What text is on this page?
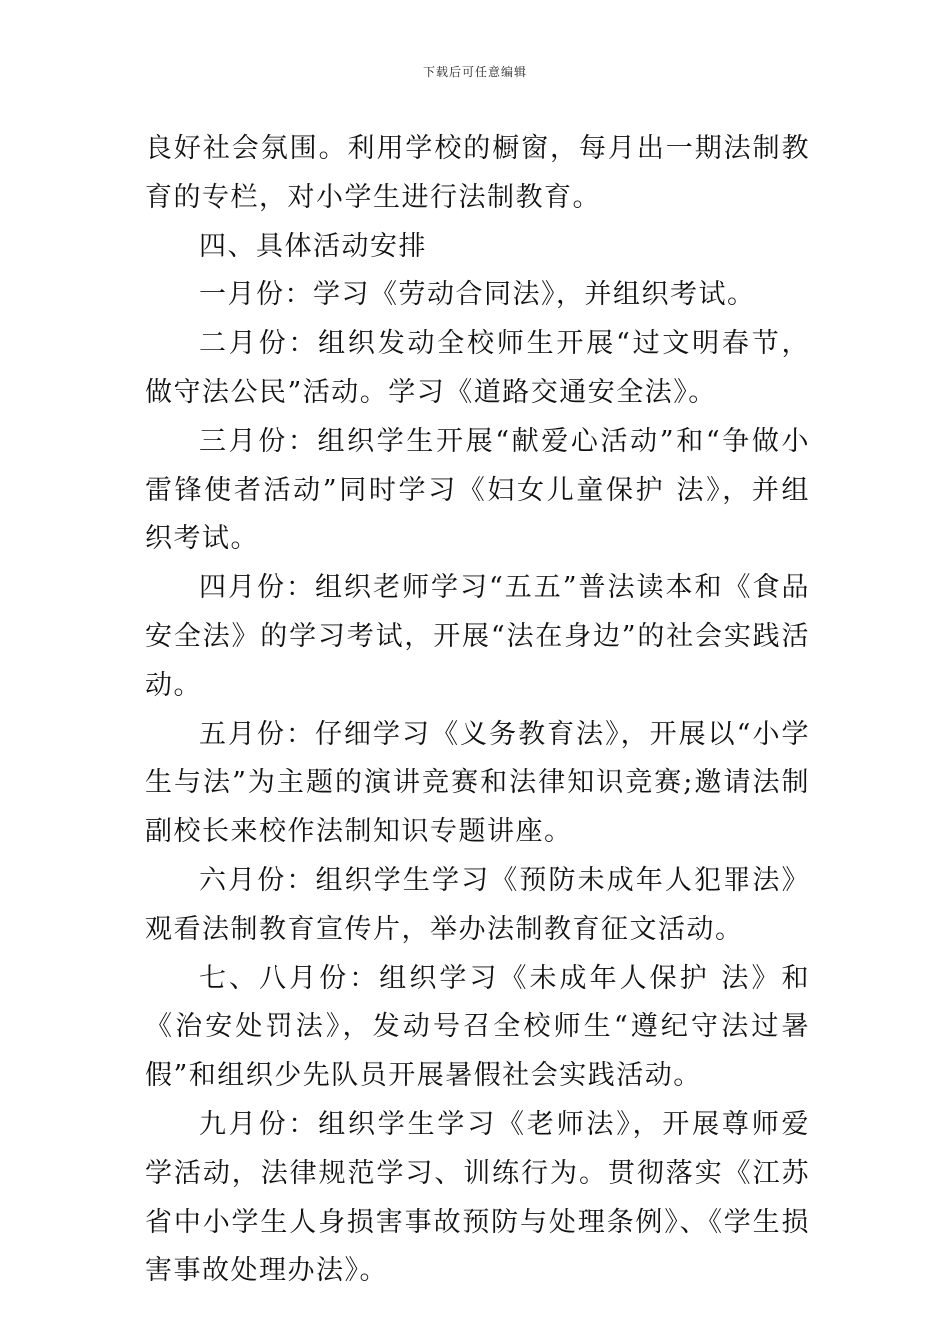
下载后可任意编辑

良好社会氛围。利用学校的橱窗，每月出一期法制教育的专栏，对小学生进行法制教育。

四、具体活动安排

一月份：学习《劳动合同法》，并组织考试。

二月份：组织发动全校师生开展“过文明春节，做守法公民”活动。学习《道路交通安全法》。

三月份：组织学生开展“献爱心活动”和“争做小雷锋使者活动”同时学习《妇女儿童保护 法》，并组织考试。

四月份：组织老师学习“五五”普法读本和《食品安全法》的学习考试，开展“法在身边”的社会实践活动。

五月份：仔细学习《义务教育法》，开展以“小学生与法”为主题的演讲竞赛和法律知识竞赛;邀请法制副校长来校作法制知识专题讲座。

六月份：组织学生学习《预防未成年人犯罪法》观看法制教育宣传片，举办法制教育征文活动。

七、八月份：组织学习《未成年人保护 法》和《治安处罚法》，发动号召全校师生“遵纪守法过暑假”和组织少先队员开展暑假社会实践活动。

九月份：组织学生学习《老师法》，开展尊师爱学活动，法律规范学习、训练行为。贯彻落实《江苏省中小学生人身损害事故预防与处理条例》、《学生损害事故处理办法》。
